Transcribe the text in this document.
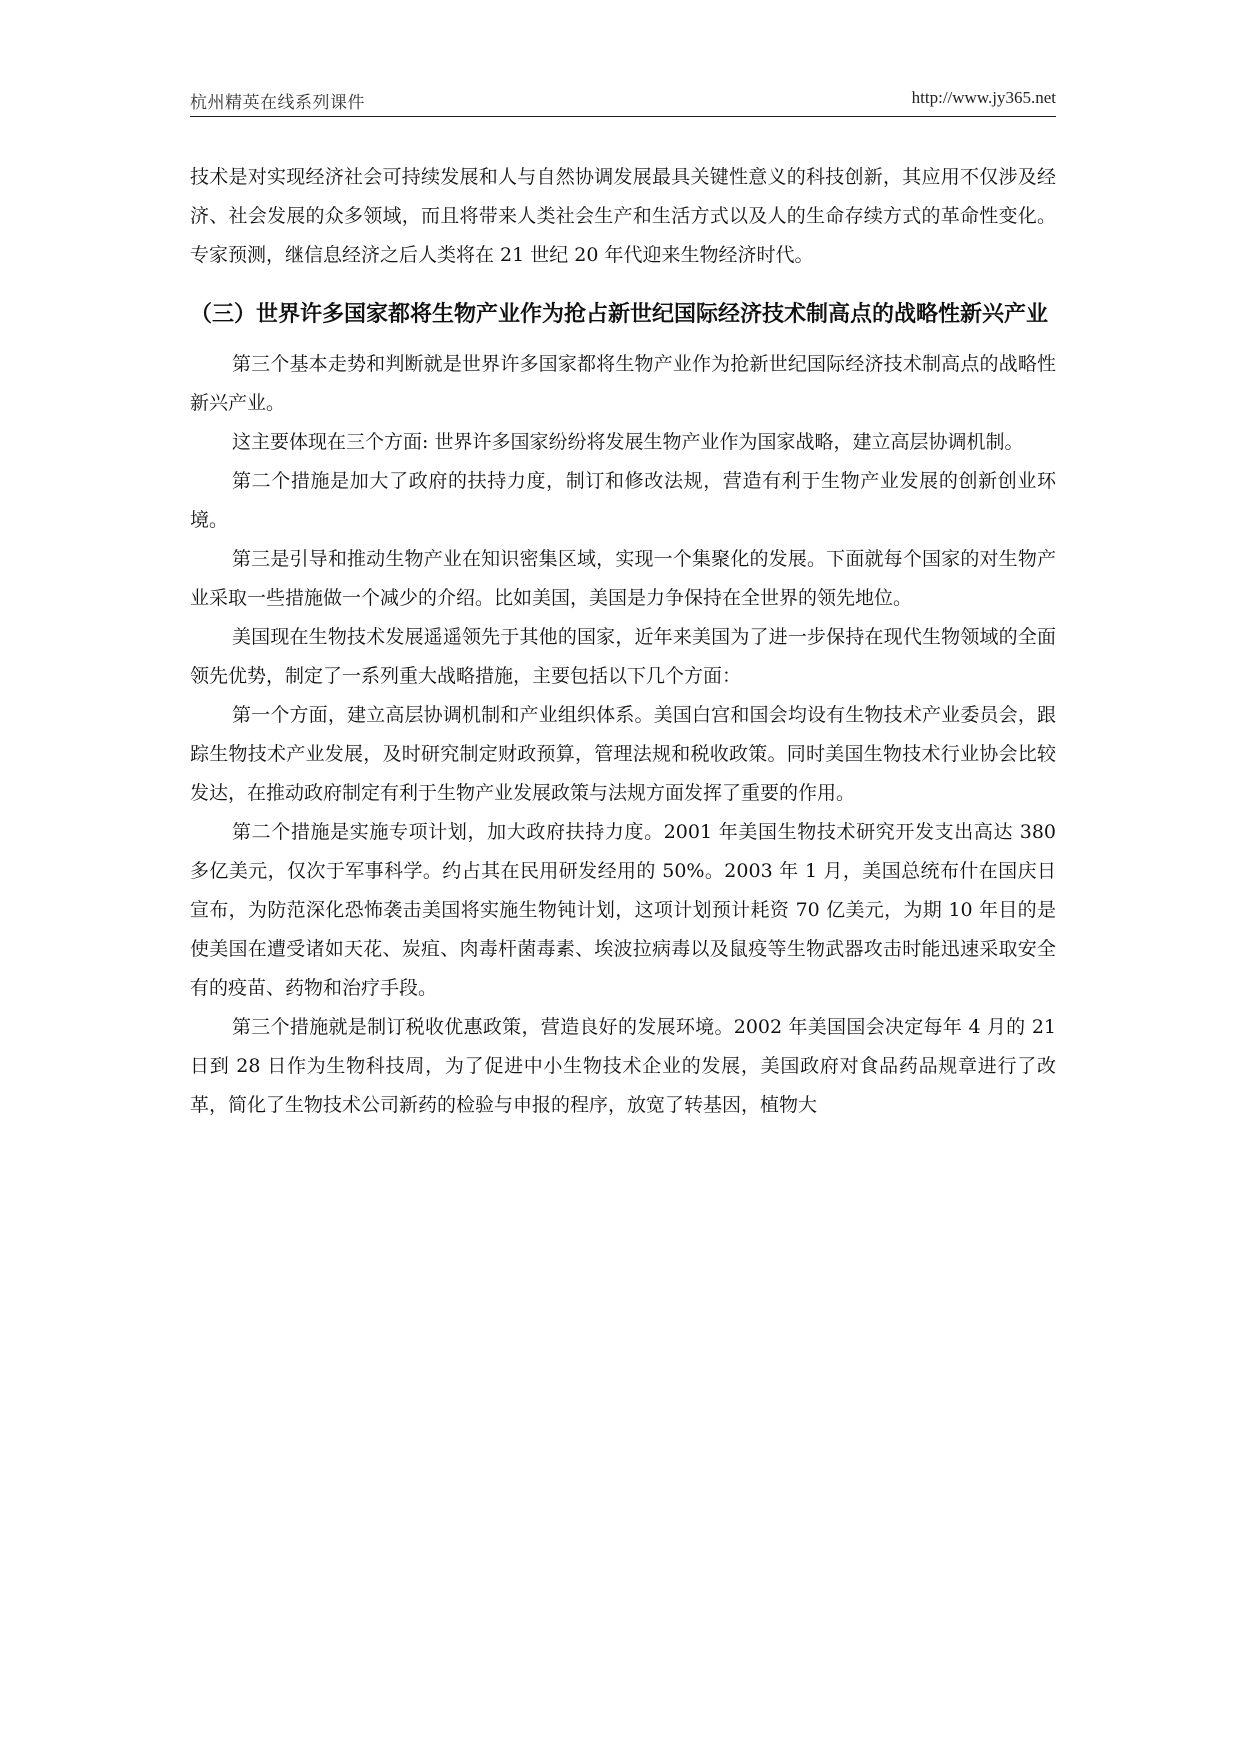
杭州精英在线系列课件	http://www.jy365.net

技术是对实现经济社会可持续发展和人与自然协调发展最具关键性意义的科技创新，其应用不仅涉及经济、社会发展的众多领域，而且将带来人类社会生产和生活方式以及人的生命存续方式的革命性变化。专家预测，继信息经济之后人类将在 21 世纪 20 年代迎来生物经济时代。

（三）世界许多国家都将生物产业作为抢占新世纪国际经济技术制高点的战略性新兴产业

第三个基本走势和判断就是世界许多国家都将生物产业作为抢新世纪国际经济技术制高点的战略性新兴产业。

这主要体现在三个方面: 世界许多国家纷纷将发展生物产业作为国家战略，建立高层协调机制。

第二个措施是加大了政府的扶持力度，制订和修改法规，营造有利于生物产业发展的创新创业环境。

第三是引导和推动生物产业在知识密集区域，实现一个集聚化的发展。下面就每个国家的对生物产业采取一些措施做一个减少的介绍。比如美国，美国是力争保持在全世界的领先地位。

美国现在生物技术发展遥遥领先于其他的国家，近年来美国为了进一步保持在现代生物领域的全面领先优势，制定了一系列重大战略措施，主要包括以下几个方面：

第一个方面，建立高层协调机制和产业组织体系。美国白宫和国会均设有生物技术产业委员会，跟踪生物技术产业发展，及时研究制定财政预算，管理法规和税收政策。同时美国生物技术行业协会比较发达，在推动政府制定有利于生物产业发展政策与法规方面发挥了重要的作用。

第二个措施是实施专项计划，加大政府扶持力度。2001 年美国生物技术研究开发支出高达 380 多亿美元，仅次于军事科学。约占其在民用研发经用的 50%。2003 年 1 月，美国总统布什在国庆日宣布，为防范深化恐怖袭击美国将实施生物钝计划，这项计划预计耗资 70 亿美元，为期 10 年目的是使美国在遭受诸如天花、炭疽、肉毒杆菌毒素、埃波拉病毒以及鼠疫等生物武器攻击时能迅速采取安全有的疫苗、药物和治疗手段。

第三个措施就是制订税收优惠政策，营造良好的发展环境。2002 年美国国会决定每年 4 月的 21 日到 28 日作为生物科技周，为了促进中小生物技术企业的发展，美国政府对食品药品规章进行了改革，简化了生物技术公司新药的检验与申报的程序，放宽了转基因，植物大
